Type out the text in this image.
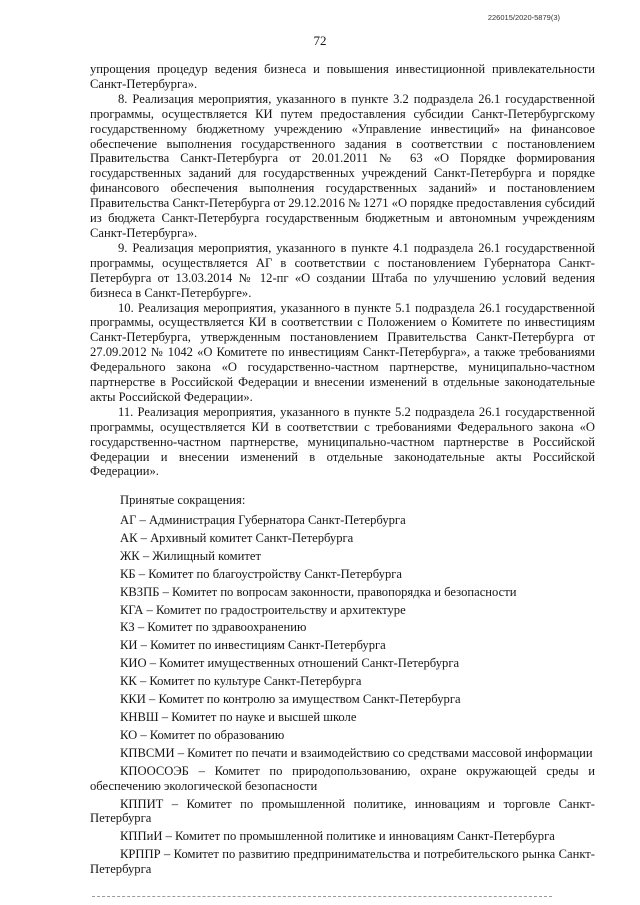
226015/2020-5879(3)
72

упрощения процедур ведения бизнеса и повышения инвестиционной привлекательности Санкт-Петербурга».

8. Реализация мероприятия, указанного в пункте 3.2 подраздела 26.1 государственной программы, осуществляется КИ путем предоставления субсидии Санкт-Петербургскому государственному бюджетному учреждению «Управление инвестиций» на финансовое обеспечение выполнения государственного задания в соответствии с постановлением Правительства Санкт-Петербурга от 20.01.2011 № 63 «О Порядке формирования государственных заданий для государственных учреждений Санкт-Петербурга и порядке финансового обеспечения выполнения государственных заданий» и постановлением Правительства Санкт-Петербурга от 29.12.2016 № 1271 «О порядке предоставления субсидий из бюджета Санкт-Петербурга государственным бюджетным и автономным учреждениям Санкт-Петербурга».

9. Реализация мероприятия, указанного в пункте 4.1 подраздела 26.1 государственной программы, осуществляется АГ в соответствии с постановлением Губернатора Санкт-Петербурга от 13.03.2014 № 12-пг «О создании Штаба по улучшению условий ведения бизнеса в Санкт-Петербурге».

10. Реализация мероприятия, указанного в пункте 5.1 подраздела 26.1 государственной программы, осуществляется КИ в соответствии с Положением о Комитете по инвестициям Санкт-Петербурга, утвержденным постановлением Правительства Санкт-Петербурга от 27.09.2012 № 1042 «О Комитете по инвестициям Санкт-Петербурга», а также требованиями Федерального закона «О государственно-частном партнерстве, муниципально-частном партнерстве в Российской Федерации и внесении изменений в отдельные законодательные акты Российской Федерации».

11. Реализация мероприятия, указанного в пункте 5.2 подраздела 26.1 государственной программы, осуществляется КИ в соответствии с требованиями Федерального закона «О государственно-частном партнерстве, муниципально-частном партнерстве в Российской Федерации и внесении изменений в отдельные законодательные акты Российской Федерации».

Принятые сокращения:

АГ – Администрация Губернатора Санкт-Петербурга

АК – Архивный комитет Санкт-Петербурга

ЖК – Жилищный комитет

КБ – Комитет по благоустройству Санкт-Петербурга

КВЗПБ – Комитет по вопросам законности, правопорядка и безопасности

КГА – Комитет по градостроительству и архитектуре

КЗ – Комитет по здравоохранению

КИ – Комитет по инвестициям Санкт-Петербурга

КИО – Комитет имущественных отношений Санкт-Петербурга

КК – Комитет по культуре Санкт-Петербурга

ККИ – Комитет по контролю за имуществом Санкт-Петербурга

КНВШ – Комитет по науке и высшей школе

КО – Комитет по образованию

КПВСМИ – Комитет по печати и взаимодействию со средствами массовой информации

КПООСОЭБ – Комитет по природопользованию, охране окружающей среды и обеспечению экологической безопасности

КППИТ – Комитет по промышленной политике, инновациям и торговле Санкт-Петербурга

КППиИ – Комитет по промышленной политике и инновациям Санкт-Петербурга

КРППР – Комитет по развитию предпринимательства и потребительского рынка Санкт-Петербурга
